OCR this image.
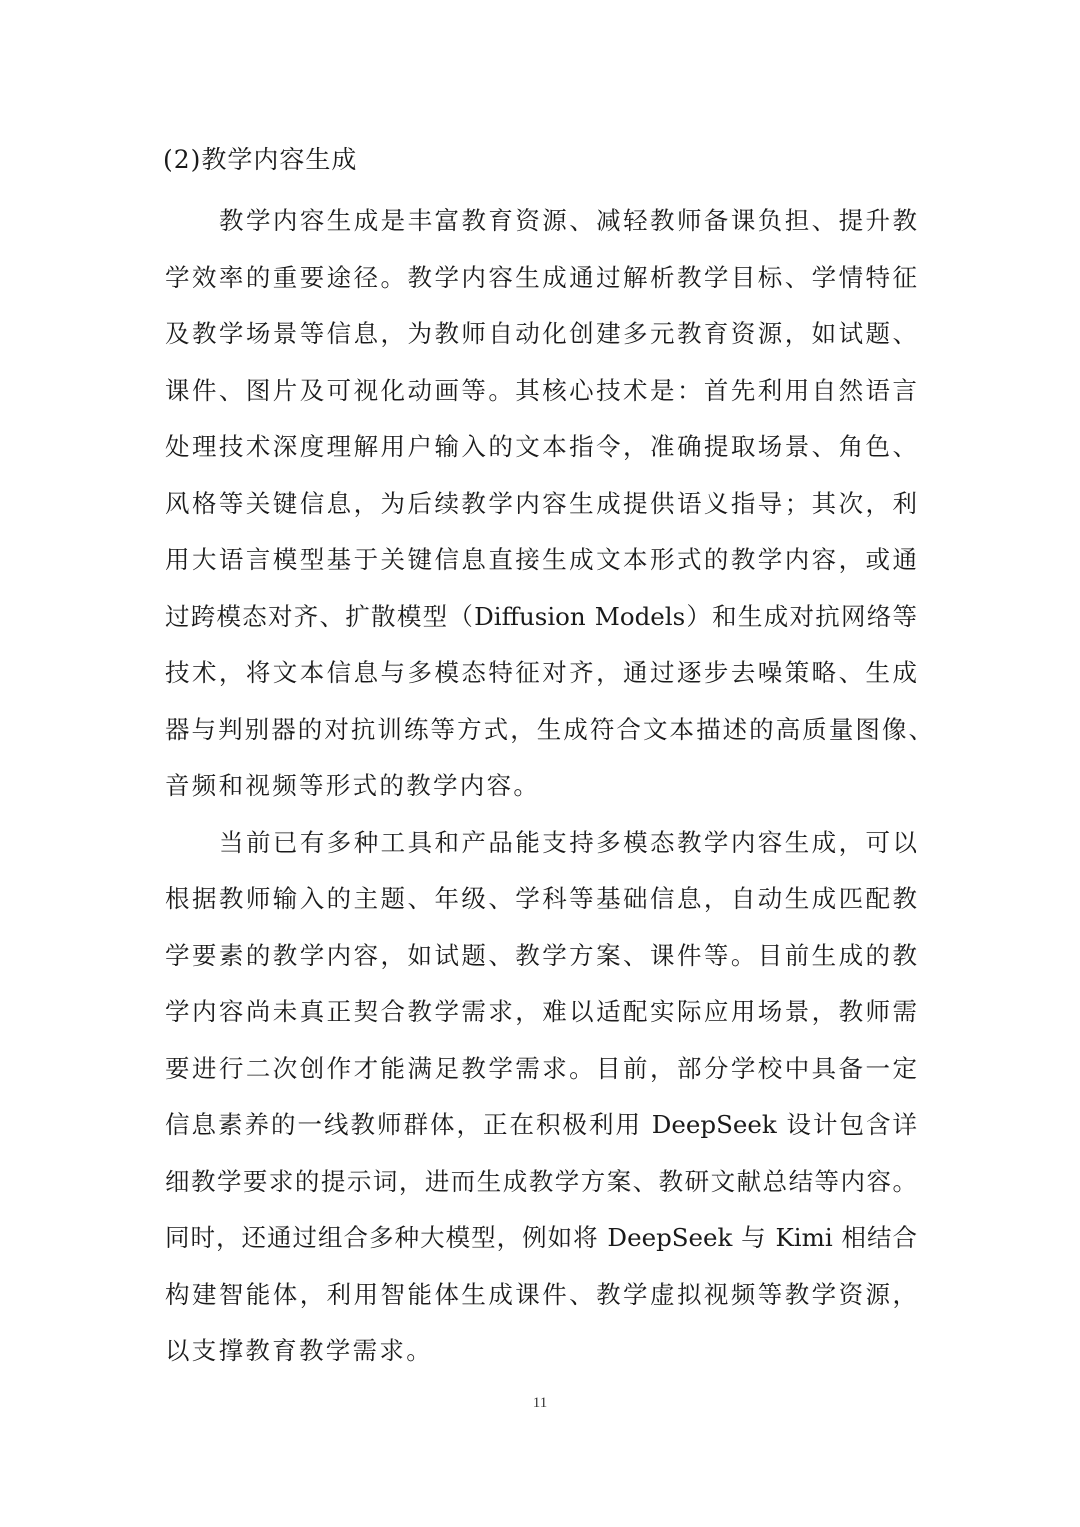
(2)教学内容生成
教学内容生成是丰富教育资源、减轻教师备课负担、提升教
学效率的重要途径。教学内容生成通过解析教学目标、学情特征
及教学场景等信息，为教师自动化创建多元教育资源，如试题、
课件、图片及可视化动画等。其核心技术是：首先利用自然语言
处理技术深度理解用户输入的文本指令，准确提取场景、角色、
风格等关键信息，为后续教学内容生成提供语义指导；其次，利
用大语言模型基于关键信息直接生成文本形式的教学内容，或通
过跨模态对齐、扩散模型（Diffusion Models）和生成对抗网络等
技术，将文本信息与多模态特征对齐，通过逐步去噪策略、生成
器与判别器的对抗训练等方式，生成符合文本描述的高质量图像、
音频和视频等形式的教学内容。
当前已有多种工具和产品能支持多模态教学内容生成，可以
根据教师输入的主题、年级、学科等基础信息，自动生成匹配教
学要素的教学内容，如试题、教学方案、课件等。目前生成的教
学内容尚未真正契合教学需求，难以适配实际应用场景，教师需
要进行二次创作才能满足教学需求。目前，部分学校中具备一定
信息素养的一线教师群体，正在积极利用 DeepSeek 设计包含详
细教学要求的提示词，进而生成教学方案、教研文献总结等内容。
同时，还通过组合多种大模型，例如将 DeepSeek 与 Kimi 相结合
构建智能体，利用智能体生成课件、教学虚拟视频等教学资源，
以支撑教育教学需求。
11
